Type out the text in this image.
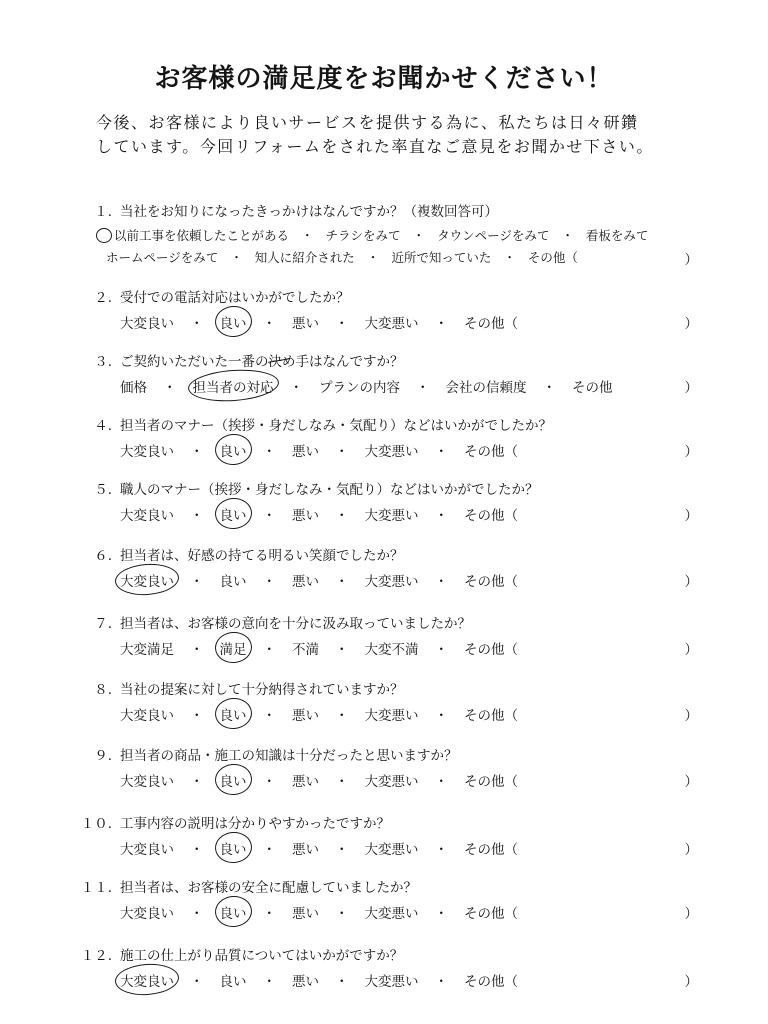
お客様の満足度をお聞かせください！
今後、お客様により良いサービスを提供する為に、私たちは日々研鑽
しています。今回リフォームをされた率直なご意見をお聞かせ下さい。
１. 当社をお知りになったきっかけはなんですか？（複数回答可）
以前工事を依頼したことがある ・ チラシをみて ・ タウンページをみて ・ 看板をみて
ホームページをみて ・ 知人に紹介された ・ 近所で知っていた ・ その他（	）
２. 受付での電話対応はいかがでしたか？
大変良い ・ 良い ・ 悪い ・ 大変悪い ・ その他（	）
３. ご契約いただいた一番の決め手はなんですか？
価格 ・ 担当者の対応 ・ プランの内容 ・ 会社の信頼度 ・ その他	）
４. 担当者のマナー（挨拶・身だしなみ・気配り）などはいかがでしたか？
大変良い ・ 良い ・ 悪い ・ 大変悪い ・ その他（	）
５. 職人のマナー（挨拶・身だしなみ・気配り）などはいかがでしたか？
大変良い ・ 良い ・ 悪い ・ 大変悪い ・ その他（	）
６. 担当者は、好感の持てる明るい笑顔でしたか？
大変良い ・ 良い ・ 悪い ・ 大変悪い ・ その他（	）
７. 担当者は、お客様の意向を十分に汲み取っていましたか？
大変満足 ・ 満足 ・ 不満 ・ 大変不満 ・ その他（	）
８. 当社の提案に対して十分納得されていますか？
大変良い ・ 良い ・ 悪い ・ 大変悪い ・ その他（	）
９. 担当者の商品・施工の知識は十分だったと思いますか？
大変良い ・ 良い ・ 悪い ・ 大変悪い ・ その他（	）
１０. 工事内容の説明は分かりやすかったですか？
大変良い ・ 良い ・ 悪い ・ 大変悪い ・ その他（	）
１１. 担当者は、お客様の安全に配慮していましたか？
大変良い ・ 良い ・ 悪い ・ 大変悪い ・ その他（	）
１２. 施工の仕上がり品質についてはいかがですか？
大変良い ・ 良い ・ 悪い ・ 大変悪い ・ その他（	）
